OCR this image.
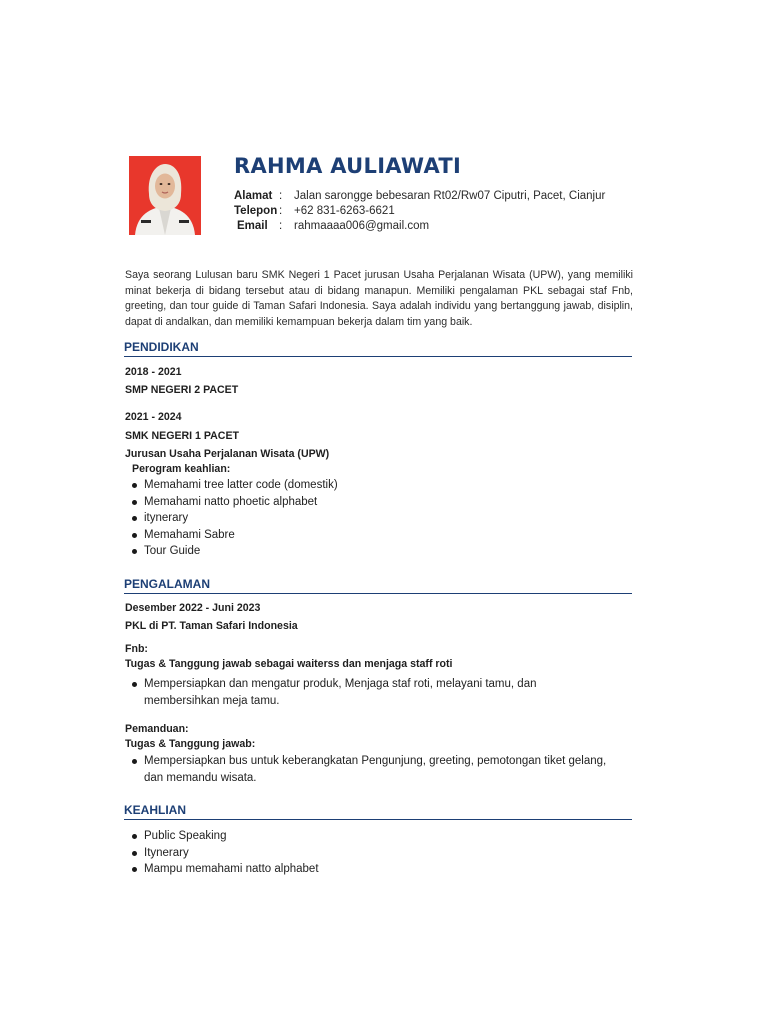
RAHMA AULIAWATI
Alamat : Jalan sarongge bebesaran Rt02/Rw07 Ciputri, Pacet, Cianjur
Telepon : +62 831-6263-6621
Email : rahmaaaa006@gmail.com
Saya seorang Lulusan baru SMK Negeri 1 Pacet jurusan Usaha Perjalanan Wisata (UPW), yang memiliki minat bekerja di bidang tersebut atau di bidang manapun. Memiliki pengalaman PKL sebagai staf Fnb, greeting, dan tour guide di Taman Safari Indonesia. Saya adalah individu yang bertanggung jawab, disiplin, dapat di andalkan, dan memiliki kemampuan bekerja dalam tim yang baik.
PENDIDIKAN
2018 - 2021
SMP NEGERI 2 PACET
2021 - 2024
SMK NEGERI 1 PACET
Jurusan Usaha Perjalanan Wisata (UPW)
Perogram keahlian:
Memahami tree latter code (domestik)
Memahami natto phoetic alphabet
itynerary
Memahami Sabre
Tour Guide
PENGALAMAN
Desember 2022 - Juni 2023
PKL di PT. Taman Safari Indonesia
Fnb:
Tugas & Tanggung jawab sebagai waiterss dan menjaga staff roti
Mempersiapkan dan mengatur produk, Menjaga staf roti, melayani tamu, dan membersihkan meja tamu.
Pemanduan:
Tugas & Tanggung jawab:
Mempersiapkan bus untuk keberangkatan Pengunjung, greeting, pemotongan tiket gelang, dan memandu wisata.
KEAHLIAN
Public Speaking
Itynerary
Mampu memahami natto alphabet
